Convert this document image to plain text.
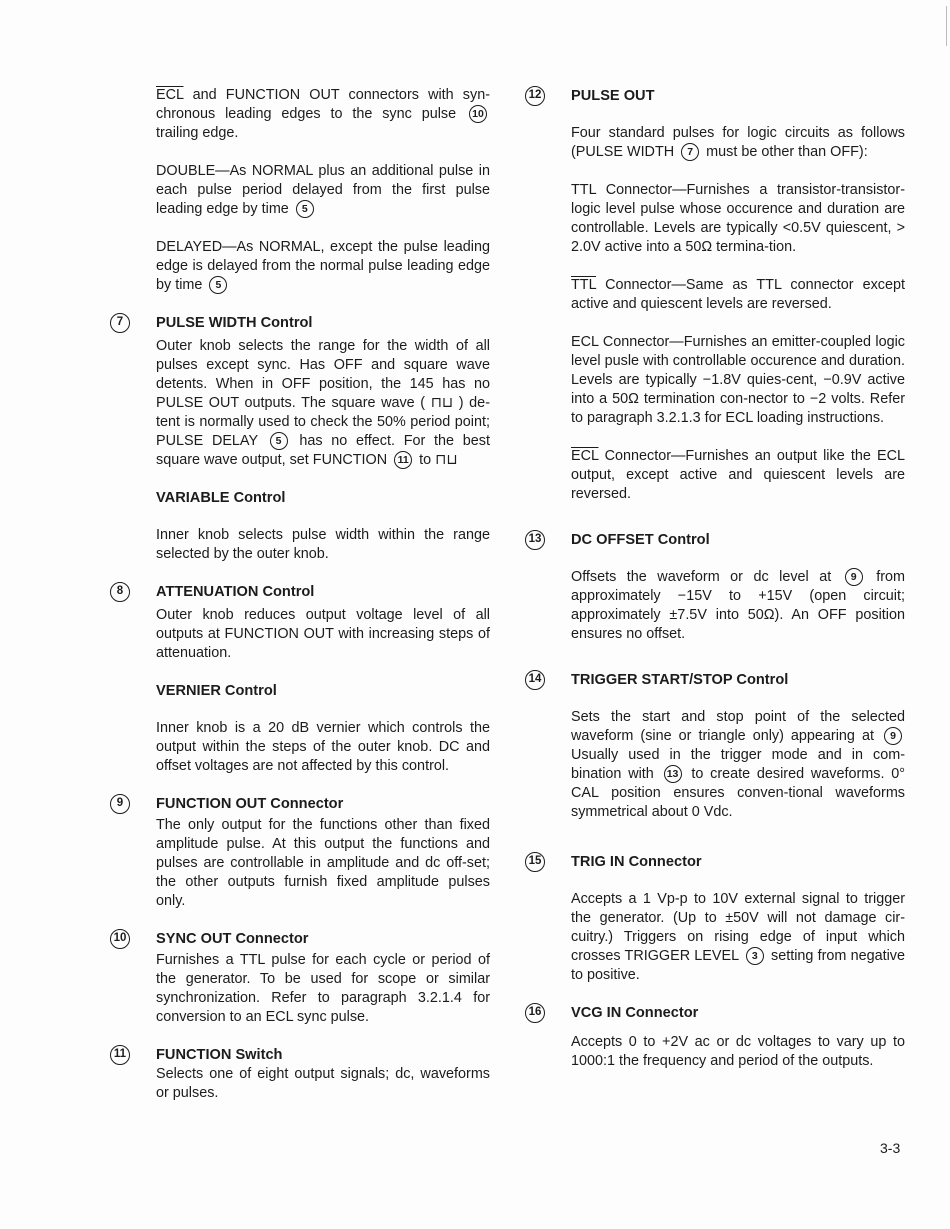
$\overline{ECL}$ and FUNCTION OUT connectors with syn-chronous leading edges to the sync pulse 10 trailing edge.

DOUBLE—As NORMAL plus an additional pulse in each pulse period delayed from the first pulse leading edge by time 5

DELAYED—As NORMAL, except the pulse leading edge is delayed from the normal pulse leading edge by time 5

7	PULSE WIDTH Control

Outer knob selects the range for the width of all pulses except sync. Has OFF and square wave detents. When in OFF position, the 145 has no PULSE OUT outputs. The square wave ( ⊓⊔ ) de-tent is normally used to check the 50% period point; PULSE DELAY 5 has no effect. For the best square wave output, set FUNCTION 11 to ⊓⊔

VARIABLE Control

Inner knob selects pulse width within the range selected by the outer knob.

8	ATTENUATION Control

Outer knob reduces output voltage level of all outputs at FUNCTION OUT with increasing steps of attenuation.

VERNIER Control

Inner knob is a 20 dB vernier which controls the output within the steps of the outer knob. DC and offset voltages are not affected by this control.

9	FUNCTION OUT Connector

The only output for the functions other than fixed amplitude pulse. At this output the functions and pulses are controllable in amplitude and dc off-set; the other outputs furnish fixed amplitude pulses only.

10	SYNC OUT Connector

Furnishes a TTL pulse for each cycle or period of the generator. To be used for scope or similar synchronization. Refer to paragraph 3.2.1.4 for conversion to an ECL sync pulse.

11	FUNCTION Switch

Selects one of eight output signals; dc, waveforms or pulses.

12	PULSE OUT

Four standard pulses for logic circuits as follows (PULSE WIDTH 7 must be other than OFF):

TTL Connector—Furnishes a transistor-transistor-logic level pulse whose occurence and duration are controllable. Levels are typically <0.5V quiescent, > 2.0V active into a 50Ω termina-tion.

$\overline{TTL}$ Connector—Same as TTL connector except active and quiescent levels are reversed.

ECL Connector—Furnishes an emitter-coupled logic level pusle with controllable occurence and duration. Levels are typically −1.8V quies-cent, −0.9V active into a 50Ω termination con-nector to −2 volts. Refer to paragraph 3.2.1.3 for ECL loading instructions.

$\overline{ECL}$ Connector—Furnishes an output like the ECL output, except active and quiescent levels are reversed.

13	DC OFFSET Control

Offsets the waveform or dc level at 9 from approximately −15V to +15V (open circuit; approximately ±7.5V into 50Ω). An OFF position ensures no offset.

14	TRIGGER START/STOP Control

Sets the start and stop point of the selected waveform (sine or triangle only) appearing at 9 Usually used in the trigger mode and in com-bination with 13 to create desired waveforms. 0° CAL position ensures conven-tional waveforms symmetrical about 0 Vdc.

15	TRIG IN Connector

Accepts a 1 Vp-p to 10V external signal to trigger the generator. (Up to ±50V will not damage cir-cuitry.) Triggers on rising edge of input which crosses TRIGGER LEVEL 3 setting from negative to positive.

16	VCG IN Connector

Accepts 0 to +2V ac or dc voltages to vary up to 1000:1 the frequency and period of the outputs.

3-3
